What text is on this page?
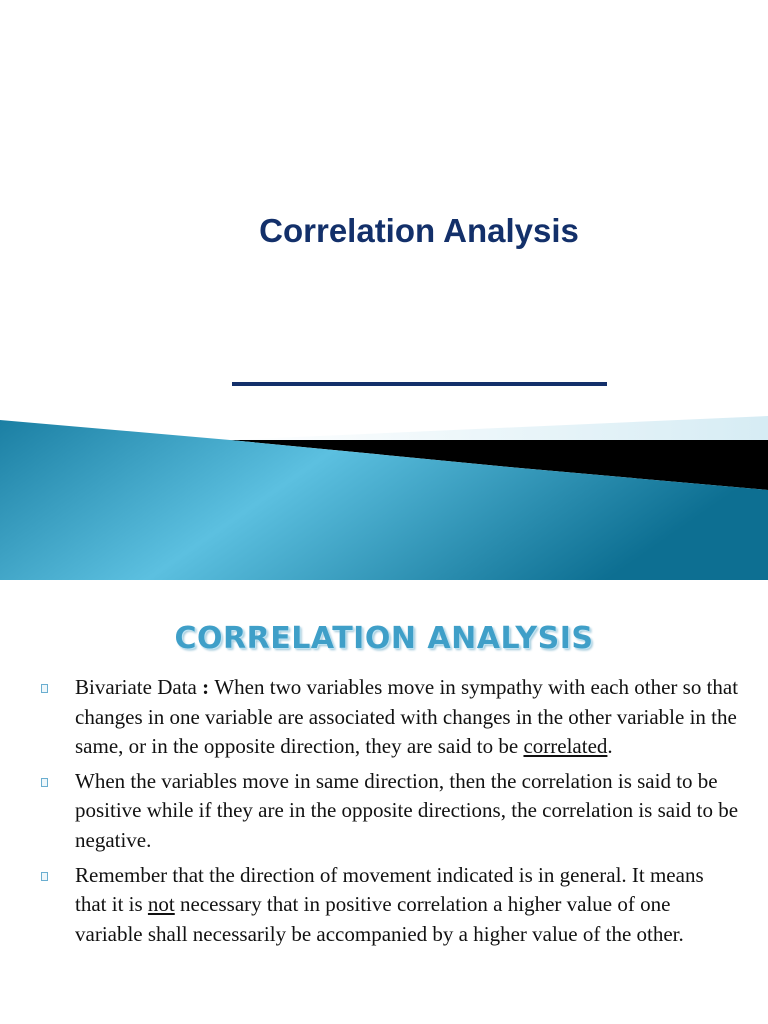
Correlation Analysis
CORRELATION ANALYSIS
Bivariate Data : When two variables move in sympathy with each other so that changes in one variable are associated with changes in the other variable in the same, or in the opposite direction, they are said to be correlated.
When the variables move in same direction, then the correlation is said to be positive while if they are in the opposite directions, the correlation is said to be negative.
Remember that the direction of movement indicated is in general. It means that it is not necessary that in positive correlation a higher value of one variable shall necessarily be accompanied by a higher value of the other.
